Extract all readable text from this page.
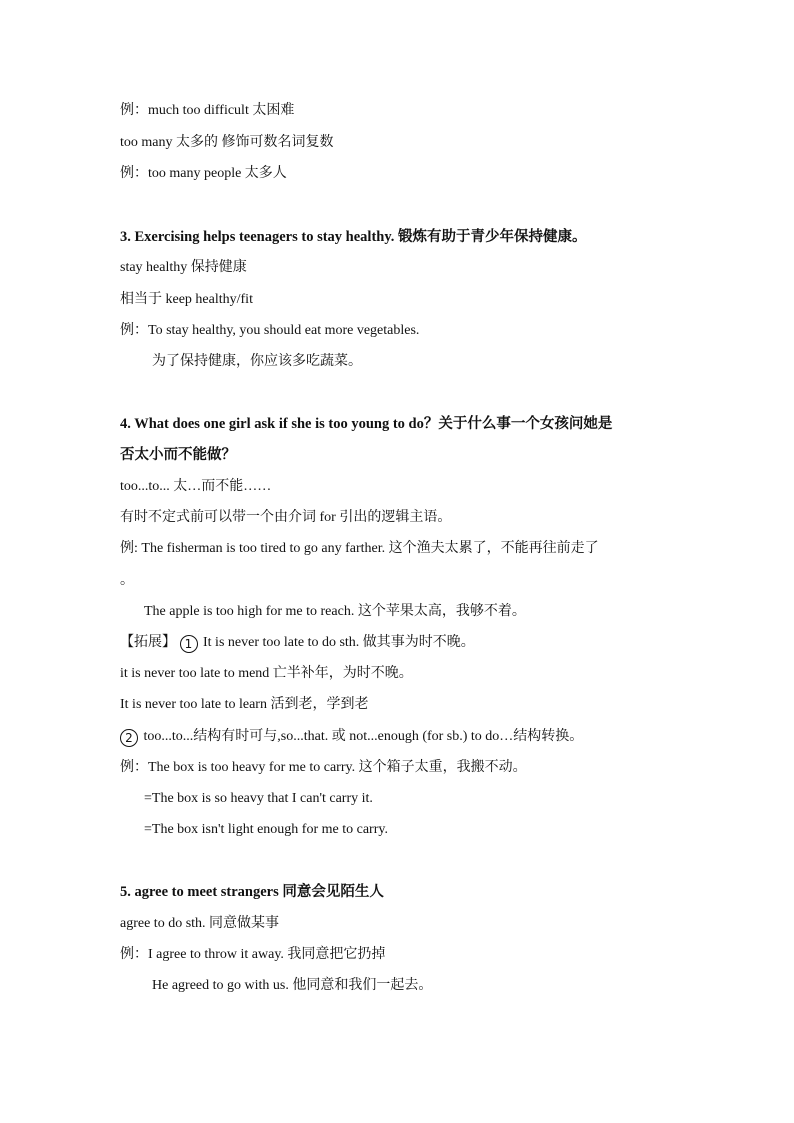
例：much too difficult 太困难
too many 太多的 修饰可数名词复数
例：too many people 太多人
3. Exercising helps teenagers to stay healthy. 锻炼有助于青少年保持健康。
stay healthy 保持健康
相当于 keep healthy/fit
例：To stay healthy, you should eat more vegetables.
为了保持健康，你应该多吃蔬菜。
4. What does one girl ask if she is too young to do？关于什么事一个女孩问她是
否太小而不能做？
too...to... 太…而不能……
有时不定式前可以带一个由介词 for 引出的逻辑主语。
例: The fisherman is too tired to go any farther. 这个渔夫太累了，不能再往前走了
。
The apple is too high for me to reach. 这个苹果太高，我够不着。
【拓展】 1 It is never too late to do sth. 做其事为时不晚。
it is never too late to mend 亡半补年，为时不晚。
It is never too late to learn 活到老，学到老
2 too...to...结构有时可与,so...that. 或 not...enough (for sb.) to do…结构转换。
例：The box is too heavy for me to carry. 这个箱子太重，我搬不动。
=The box is so heavy that I can't carry it.
=The box isn't light enough for me to carry.
5. agree to meet strangers 同意会见陌生人
agree to do sth. 同意做某事
例：I agree to throw it away. 我同意把它扔掉
He agreed to go with us. 他同意和我们一起去。
